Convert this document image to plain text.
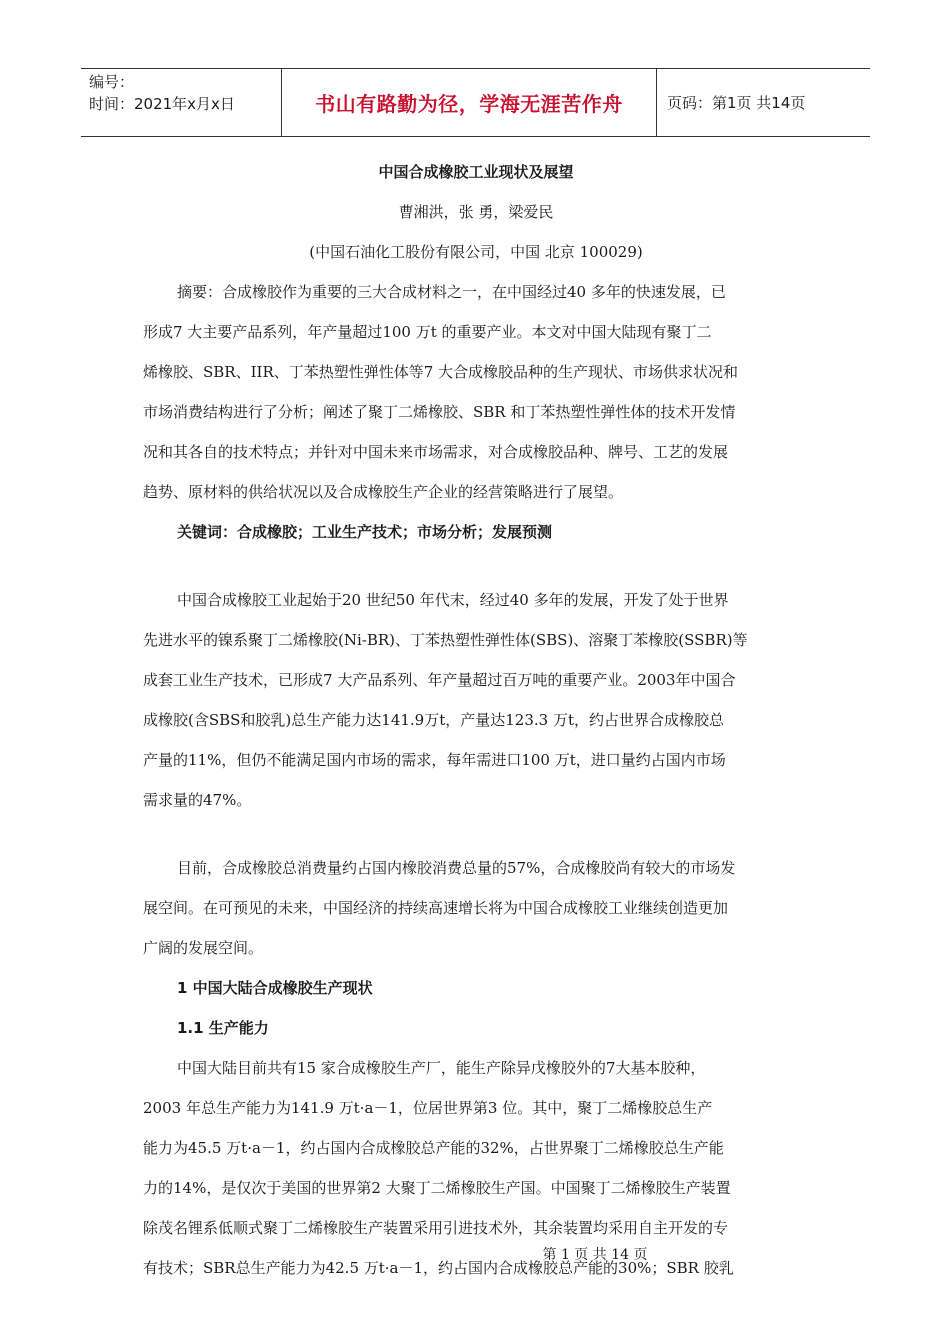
编号：
时间：2021年x月x日	书山有路勤为径，学海无涯苦作舟	页码：第1页 共14页
中国合成橡胶工业现状及展望
曹湘洪，张 勇，梁爱民
(中国石油化工股份有限公司，中国 北京 100029)
摘要：合成橡胶作为重要的三大合成材料之一，在中国经过40 多年的快速发展，已
形成7 大主要产品系列，年产量超过100 万t 的重要产业。本文对中国大陆现有聚丁二
烯橡胶、SBR、IIR、丁苯热塑性弹性体等7 大合成橡胶品种的生产现状、市场供求状况和
市场消费结构进行了分析；阐述了聚丁二烯橡胶、SBR 和丁苯热塑性弹性体的技术开发情
况和其各自的技术特点；并针对中国未来市场需求，对合成橡胶品种、牌号、工艺的发展
趋势、原材料的供给状况以及合成橡胶生产企业的经营策略进行了展望。
关键词：合成橡胶；工业生产技术；市场分析；发展预测
中国合成橡胶工业起始于20 世纪50 年代末，经过40 多年的发展，开发了处于世界
先进水平的镍系聚丁二烯橡胶(Ni-BR)、丁苯热塑性弹性体(SBS)、溶聚丁苯橡胶(SSBR)等
成套工业生产技术，已形成7 大产品系列、年产量超过百万吨的重要产业。2003年中国合
成橡胶(含SBS和胶乳)总生产能力达141.9万t，产量达123.3 万t，约占世界合成橡胶总
产量的11%，但仍不能满足国内市场的需求，每年需进口100 万t，进口量约占国内市场
需求量的47%。
目前，合成橡胶总消费量约占国内橡胶消费总量的57%，合成橡胶尚有较大的市场发
展空间。在可预见的未来，中国经济的持续高速增长将为中国合成橡胶工业继续创造更加
广阔的发展空间。
1 中国大陆合成橡胶生产现状
1.1 生产能力
中国大陆目前共有15 家合成橡胶生产厂，能生产除异戊橡胶外的7大基本胶种，
2003 年总生产能力为141.9 万t·a－1，位居世界第3 位。其中，聚丁二烯橡胶总生产
能力为45.5 万t·a－1，约占国内合成橡胶总产能的32%，占世界聚丁二烯橡胶总生产能
力的14%，是仅次于美国的世界第2 大聚丁二烯橡胶生产国。中国聚丁二烯橡胶生产装置
除茂名锂系低顺式聚丁二烯橡胶生产装置采用引进技术外，其余装置均采用自主开发的专
有技术；SBR总生产能力为42.5 万t·a－1，约占国内合成橡胶总产能的30%；SBR 胶乳
第 1 页 共 14 页
